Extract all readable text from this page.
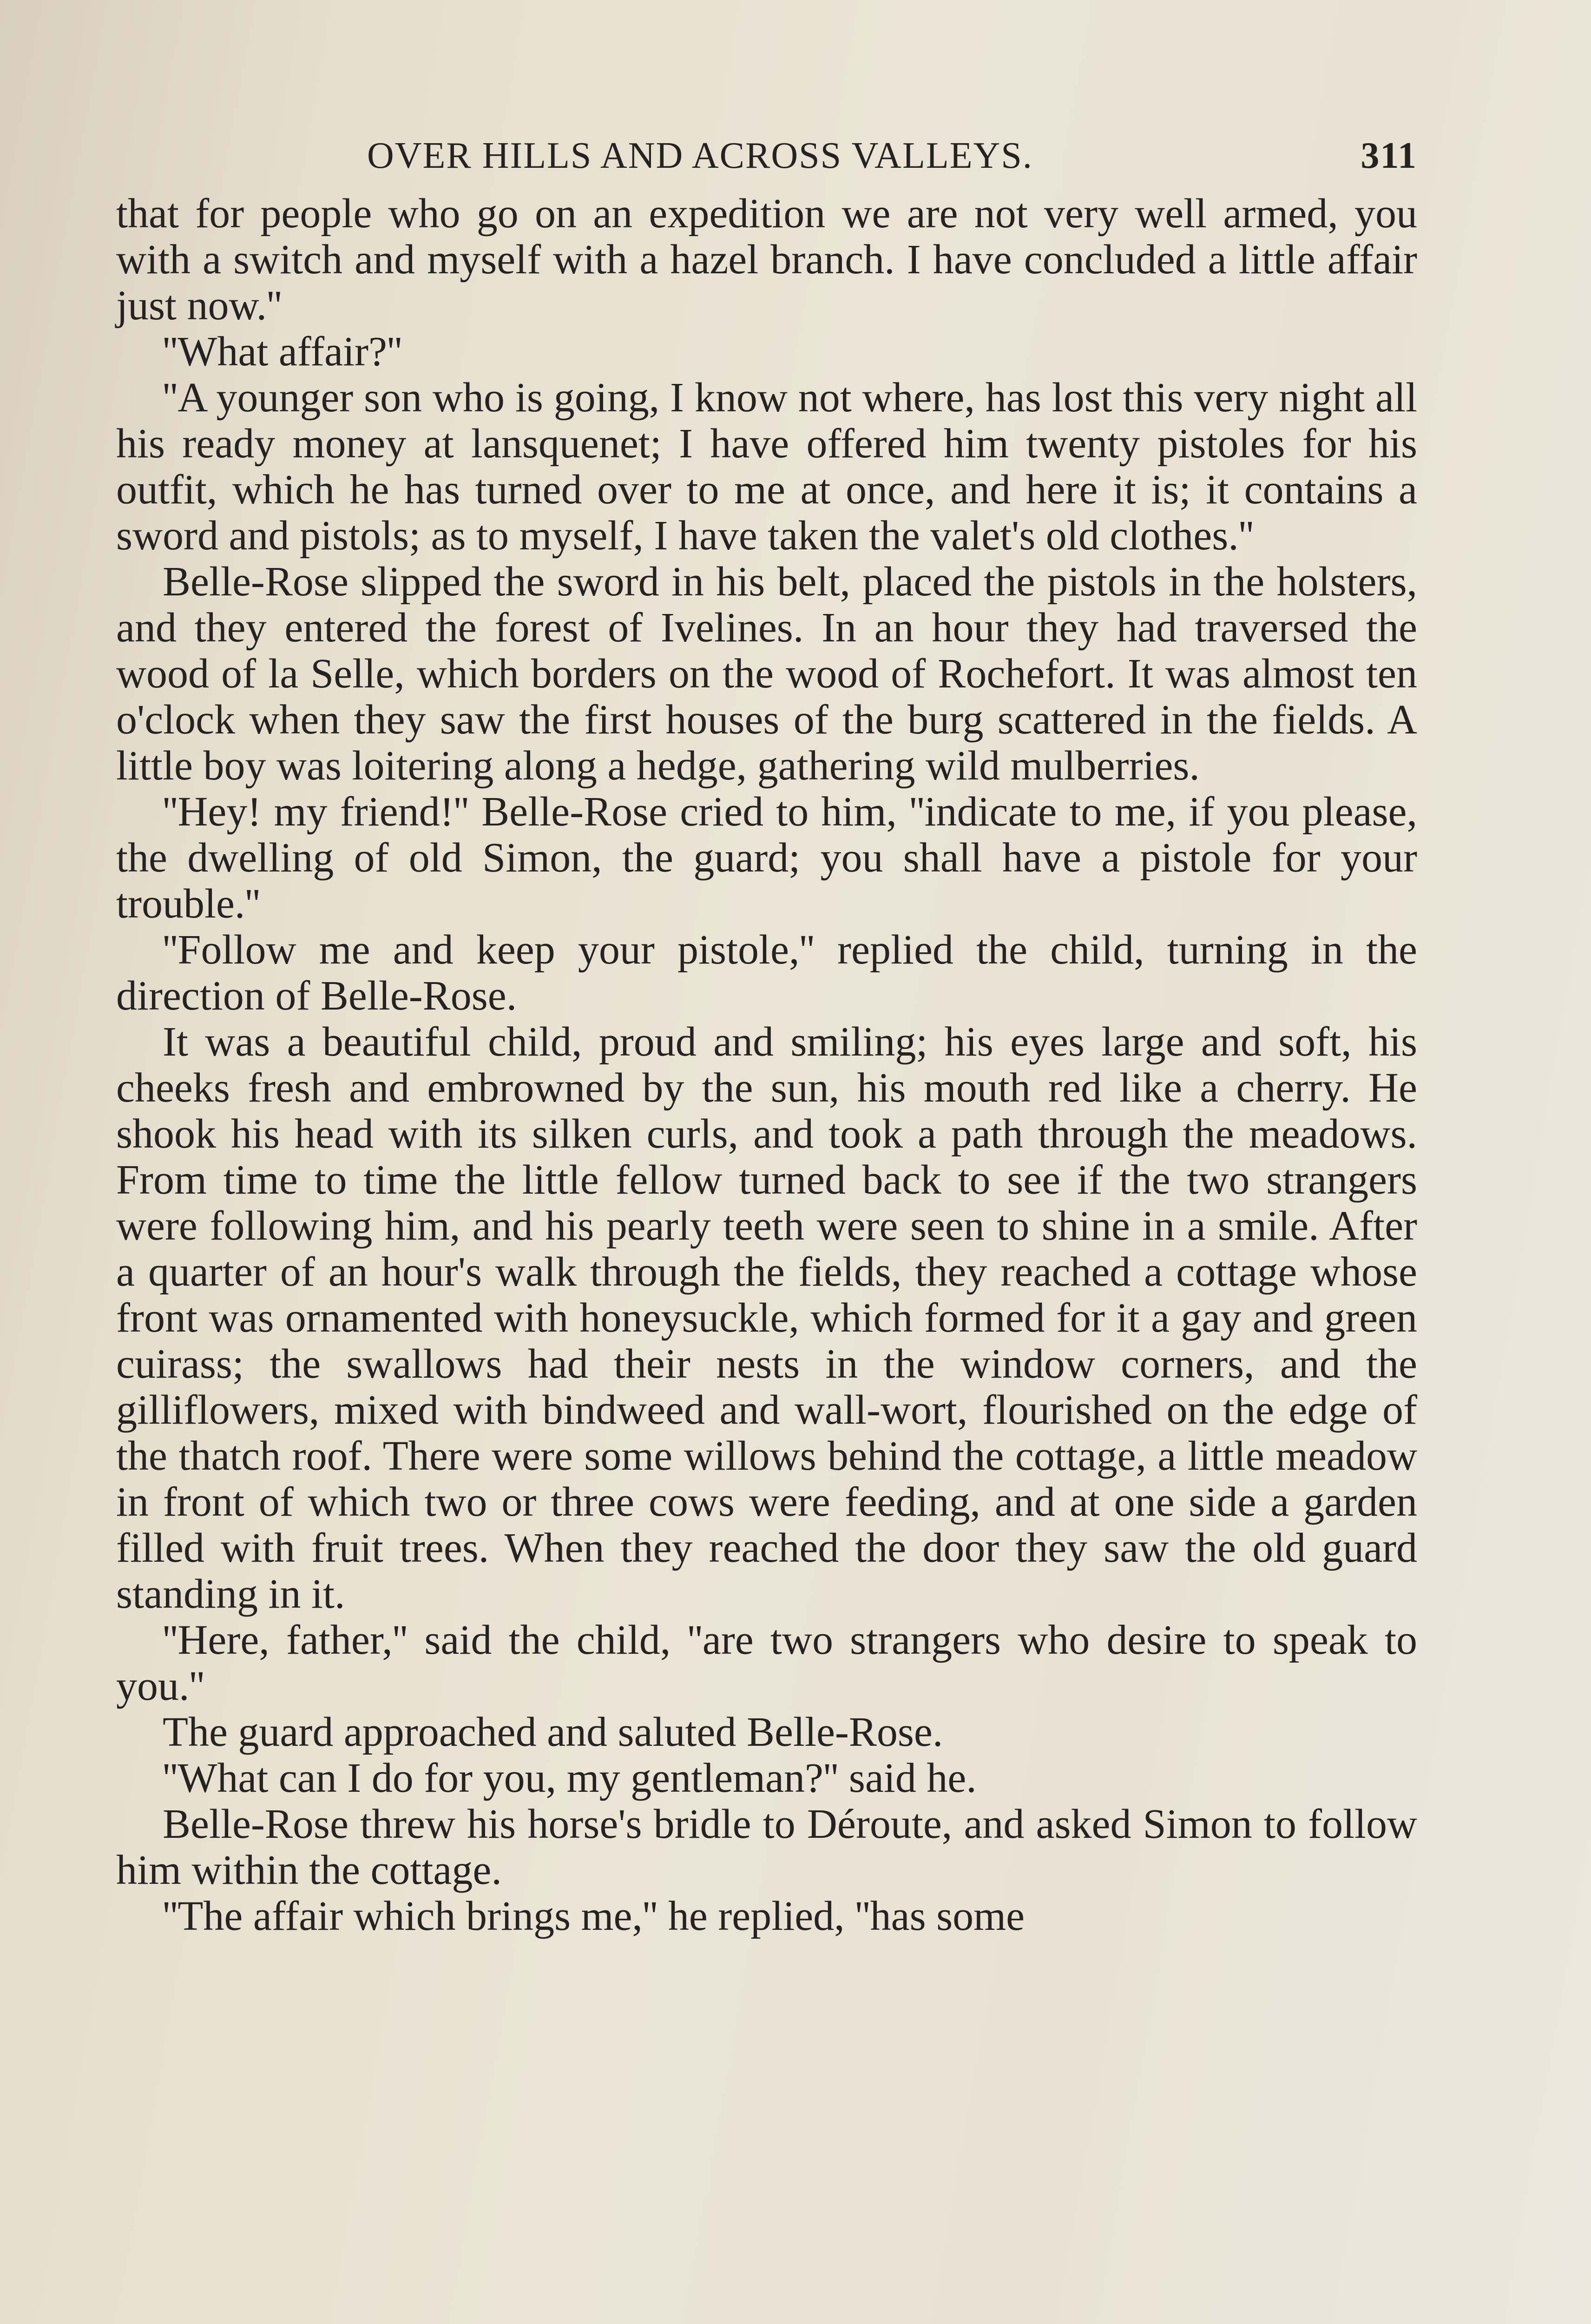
OVER HILLS AND ACROSS VALLEYS.	311

that for people who go on an expedition we are not very well armed, you with a switch and myself with a hazel branch. I have concluded a little affair just now.''

''What affair?''

''A younger son who is going, I know not where, has lost this very night all his ready money at lansquenet; I have offered him twenty pistoles for his outfit, which he has turned over to me at once, and here it is; it contains a sword and pistols; as to myself, I have taken the valet's old clothes.''

Belle-Rose slipped the sword in his belt, placed the pistols in the holsters, and they entered the forest of Ivelines. In an hour they had traversed the wood of la Selle, which borders on the wood of Rochefort. It was almost ten o'clock when they saw the first houses of the burg scattered in the fields. A little boy was loitering along a hedge, gathering wild mulberries.

''Hey! my friend!'' Belle-Rose cried to him, ''indicate to me, if you please, the dwelling of old Simon, the guard; you shall have a pistole for your trouble.''

''Follow me and keep your pistole,'' replied the child, turning in the direction of Belle-Rose.

It was a beautiful child, proud and smiling; his eyes large and soft, his cheeks fresh and embrowned by the sun, his mouth red like a cherry. He shook his head with its silken curls, and took a path through the meadows. From time to time the little fellow turned back to see if the two strangers were following him, and his pearly teeth were seen to shine in a smile. After a quarter of an hour's walk through the fields, they reached a cottage whose front was ornamented with honeysuckle, which formed for it a gay and green cuirass; the swallows had their nests in the window corners, and the gilliflowers, mixed with bindweed and wall-wort, flourished on the edge of the thatch roof. There were some willows behind the cottage, a little meadow in front of which two or three cows were feeding, and at one side a garden filled with fruit trees. When they reached the door they saw the old guard standing in it.

''Here, father,'' said the child, ''are two strangers who desire to speak to you.''

The guard approached and saluted Belle-Rose.

''What can I do for you, my gentleman?'' said he.

Belle-Rose threw his horse's bridle to Déroute, and asked Simon to follow him within the cottage.

''The affair which brings me,'' he replied, ''has some
